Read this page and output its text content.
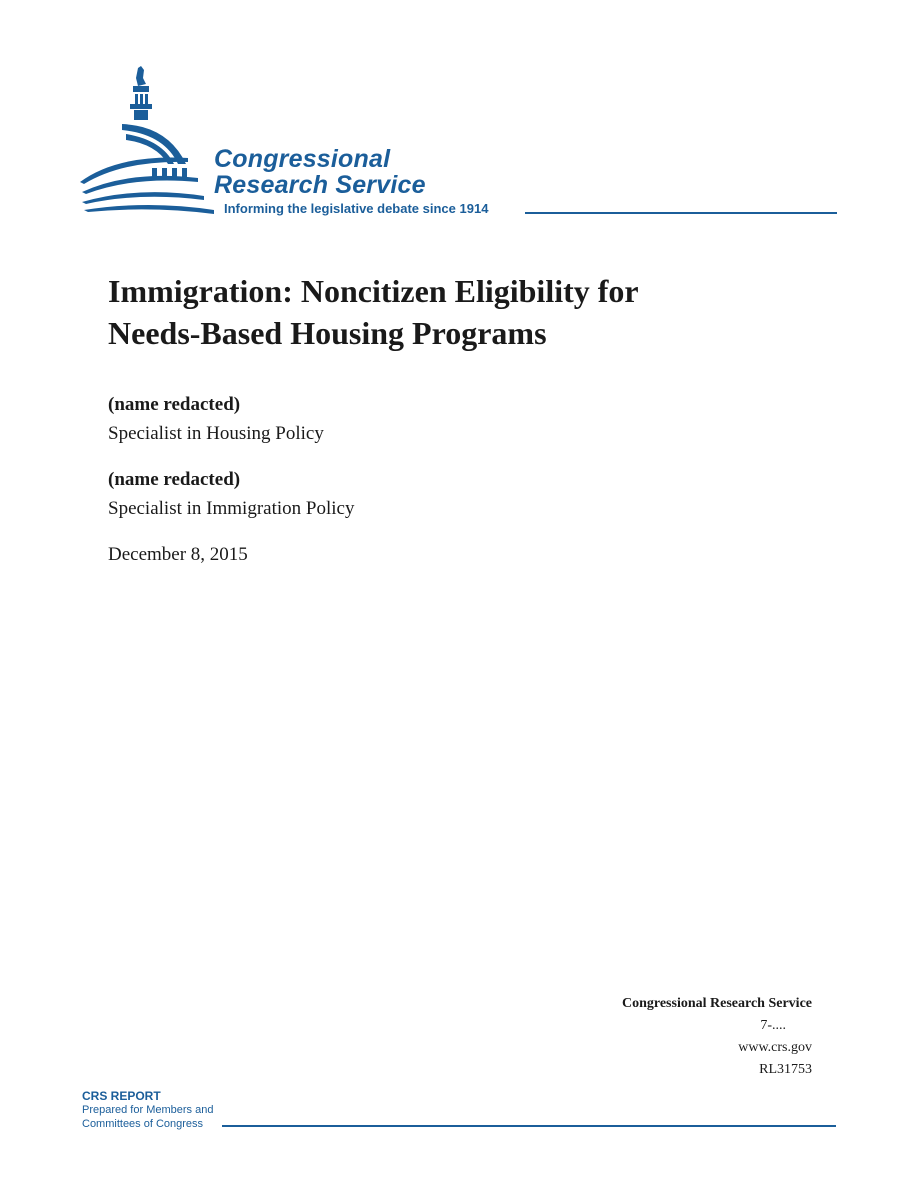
Congressional
Research Service
Informing the legislative debate since 1914
Immigration: Noncitizen Eligibility for
Needs-Based Housing Programs
(name redacted)
Specialist in Housing Policy
(name redacted)
Specialist in Immigration Policy
December 8, 2015
Congressional Research Service
7-....
www.crs.gov
RL31753
CRS REPORT
Prepared for Members and
Committees of Congress
